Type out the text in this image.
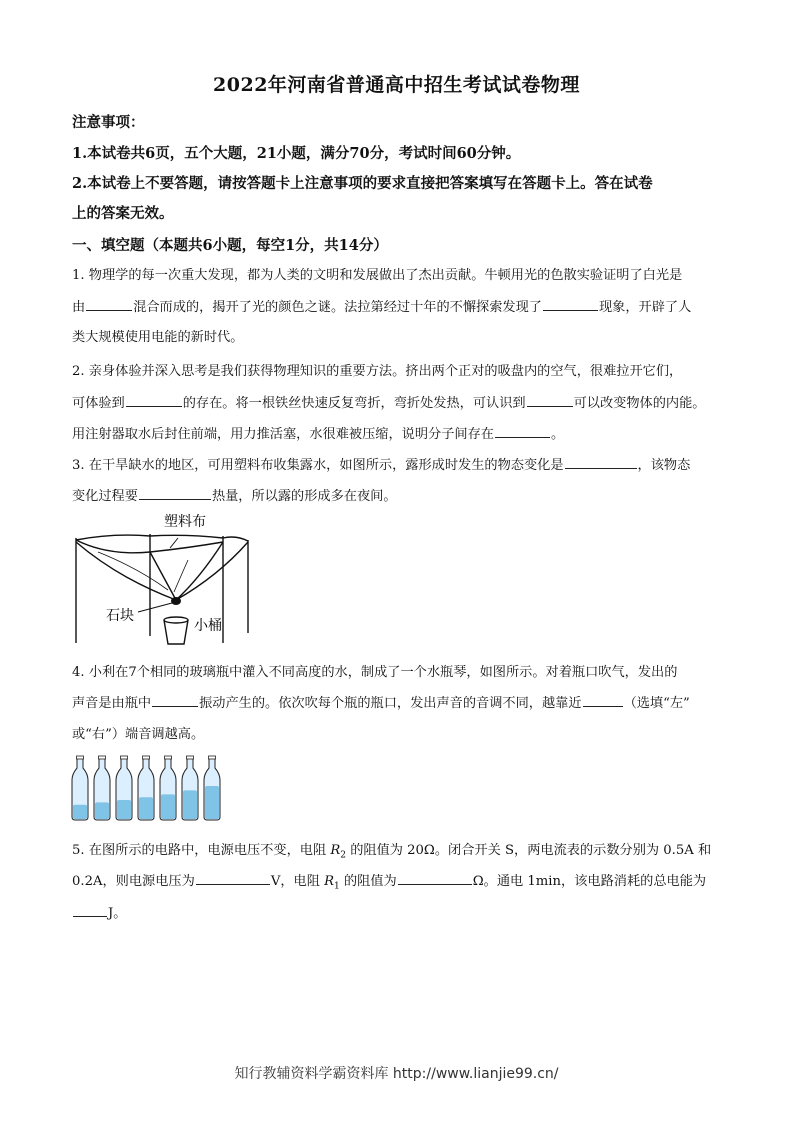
2022年河南省普通高中招生考试试卷物理
注意事项：
1.本试卷共6页，五个大题，21小题，满分70分，考试时间60分钟。
2.本试卷上不要答题，请按答题卡上注意事项的要求直接把答案填写在答题卡上。答在试卷
上的答案无效。
一、填空题（本题共6小题，每空1分，共14分）
1. 物理学的每一次重大发现，都为人类的文明和发展做出了杰出贡献。牛顿用光的色散实验证明了白光是
由	混合而成的，揭开了光的颜色之谜。法拉第经过十年的不懈探索发现了	现象，开辟了人
类大规模使用电能的新时代。
2. 亲身体验并深入思考是我们获得物理知识的重要方法。挤出两个正对的吸盘内的空气，很难拉开它们，
可体验到	的存在。将一根铁丝快速反复弯折，弯折处发热，可认识到	可以改变物体的内能。
用注射器取水后封住前端，用力推活塞，水很难被压缩，说明分子间存在	。
3. 在干旱缺水的地区，可用塑料布收集露水，如图所示，露形成时发生的物态变化是	，该物态
变化过程要	热量，所以露的形成多在夜间。
塑料布
石块
小桶
4. 小利在7个相同的玻璃瓶中灌入不同高度的水，制成了一个水瓶琴，如图所示。对着瓶口吹气，发出的
声音是由瓶中	振动产生的。依次吹每个瓶的瓶口，发出声音的音调不同，越靠近	（选填“左”
或“右”）端音调越高。
5. 在图所示的电路中，电源电压不变，电阻 $R_2$ 的阻值为 20Ω。闭合开关 S，两电流表的示数分别为 0.5A 和
0.2A，则电源电压为	V，电阻 $R_1$ 的阻值为	Ω。通电 1min，该电路消耗的总电能为
J。
知行教辅资料学霸资料库 http://www.lianjie99.cn/
